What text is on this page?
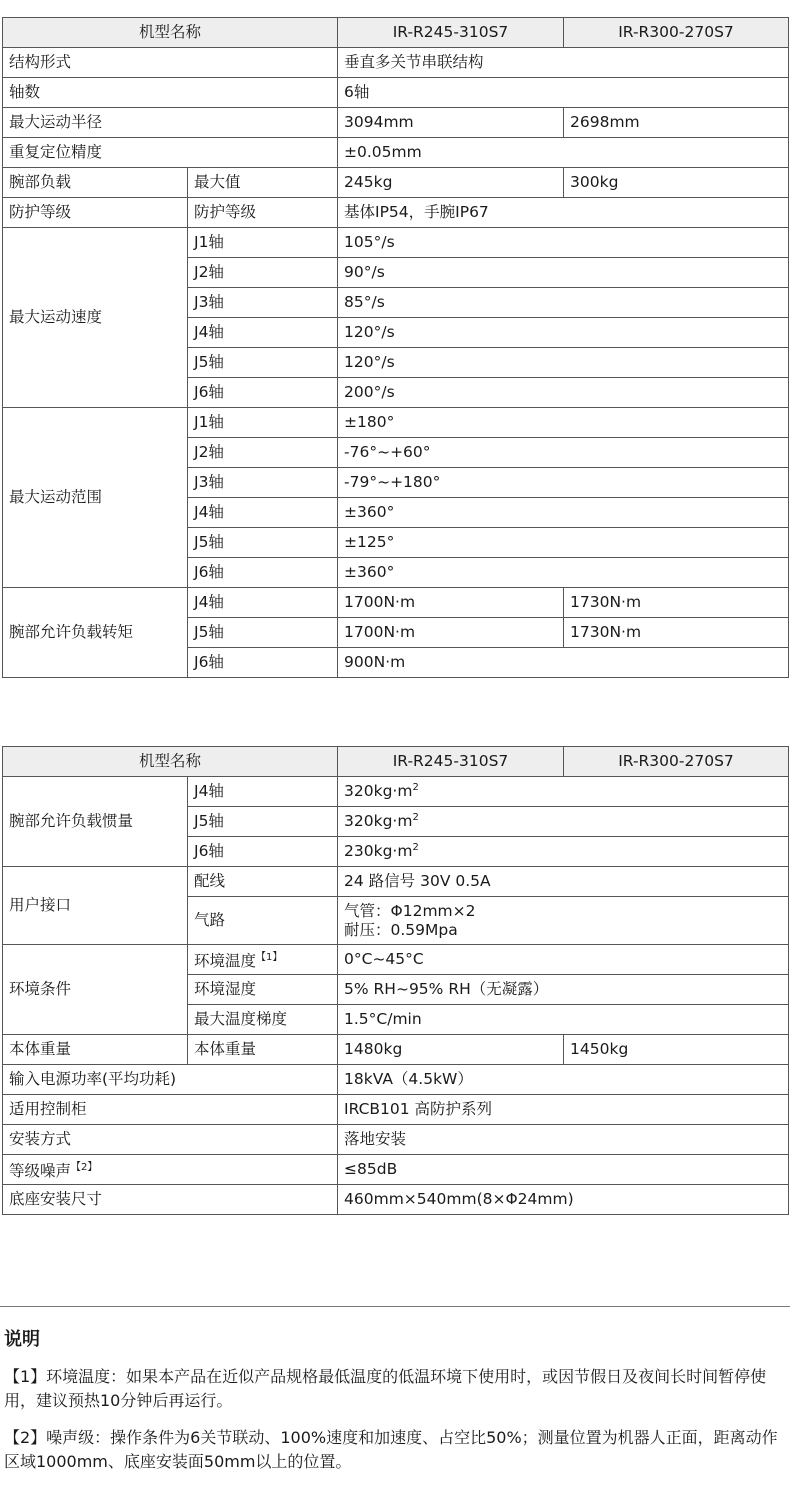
机型名称		IR-R245-310S7	IR-R300-270S7
结构形式		垂直多关节串联结构	
轴数		6轴	
最大运动半径		3094mm	2698mm
重复定位精度		±0.05mm	
腕部负载	最大值	245kg	300kg
防护等级	防护等级	基体IP54，手腕IP67	
最大运动速度	J1轴	105°/s	
	J2轴	90°/s	
	J3轴	85°/s	
	J4轴	120°/s	
	J5轴	120°/s	
	J6轴	200°/s	
最大运动范围	J1轴	±180°	
	J2轴	-76°~+60°	
	J3轴	-79°~+180°	
	J4轴	±360°	
	J5轴	±125°	
	J6轴	±360°	
腕部允许负载转矩	J4轴	1700N·m	1730N·m
	J5轴	1700N·m	1730N·m
	J6轴	900N·m	
机型名称		IR-R245-310S7	IR-R300-270S7
腕部允许负载惯量	J4轴	$320kg\cdot m^2$
	J5轴	$320kg\cdot m^2$
	J6轴	$230kg\cdot m^2$
用户接口	配线	24 路信号 30V 0.5A	
	气路	气管：Φ12mm×2
耐压：0.59Mpa	

环境条件	环境温度$^{【1】}$	0°C~45°C	
	环境湿度	5% RH~95% RH（无凝露）	
	最大温度梯度	1.5°C/min	
本体重量	本体重量	1480kg	1450kg
输入电源功率(平均功耗)		18kVA（4.5kW）	
适用控制柜		IRCB101 高防护系列	
安装方式		落地安装	
等级噪声$^{【2】}$		≤85dB	
底座安装尺寸		460mm×540mm(8×Φ24mm)	
说明
【1】环境温度：如果本产品在近似产品规格最低温度的低温环境下使用时，或因节假日及夜间长时间暂停使用，建议预热10分钟后再运行。
【2】噪声级：操作条件为6关节联动、100%速度和加速度、占空比50%；测量位置为机器人正面，距离动作区域1000mm、底座安装面50mm以上的位置。
